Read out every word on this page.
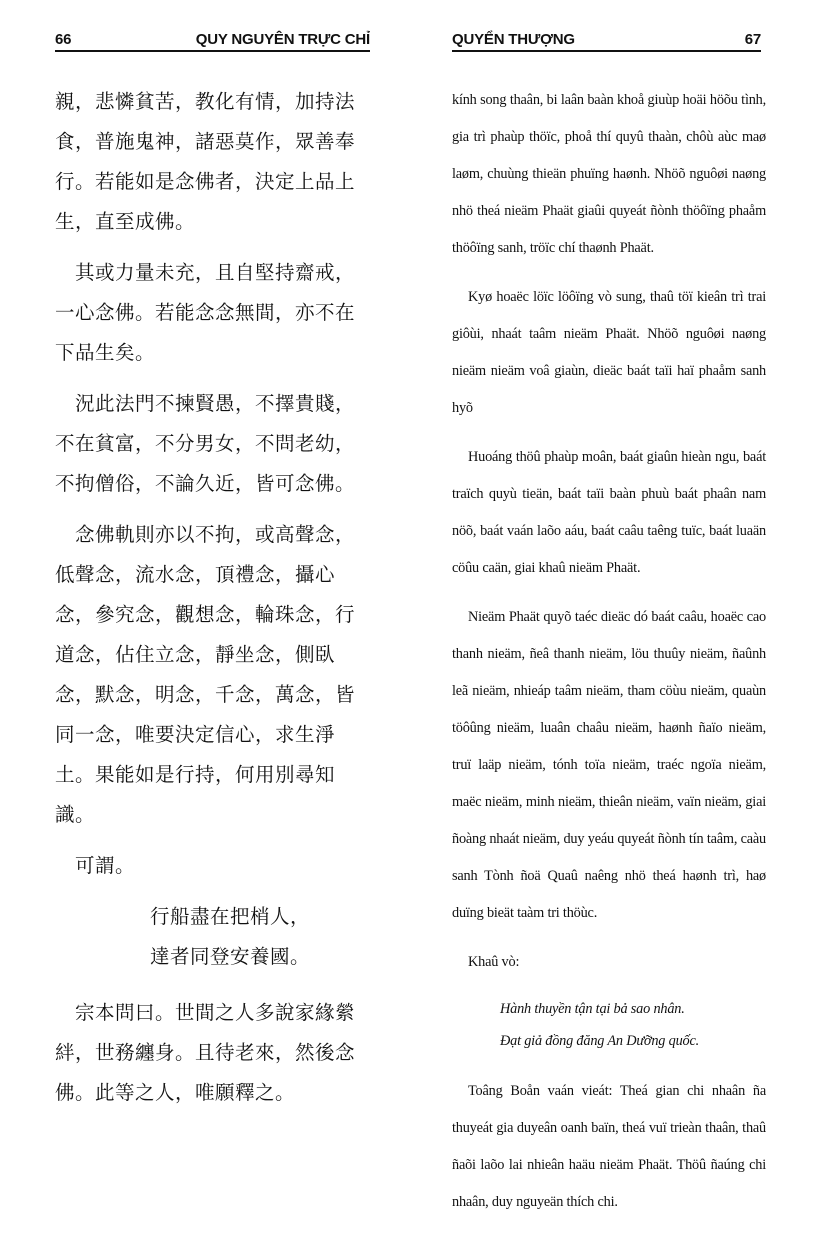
66	QUY NGUYÊN TRỰC CHỈ

親，悲憐貧苦，教化有情，加持法食，普施鬼神，諸惡莫作，眾善奉行。若能如是念佛者，決定上品上生，直至成佛。

其或力量未充，且自堅持齋戒，一心念佛。若能念念無間，亦不在下品生矣。

況此法門不揀賢愚，不擇貴賤，不在貧富，不分男女，不問老幼，不拘僧俗，不論久近，皆可念佛。

念佛軌則亦以不拘，或高聲念，低聲念，流水念，頂禮念，攝心念，參究念，觀想念，輪珠念，行道念，佔住立念，靜坐念，側臥念，默念，明念，千念，萬念，皆同一念，唯要決定信心，求生淨土。果能如是行持，何用別尋知識。

可謂。

行船盡在把梢人，
達者同登安養國。

宗本問曰。世間之人多說家緣縈絆，世務纏身。且待老來，然後念佛。此等之人，唯願釋之。

QUYỂN THƯỢNG	67

kính song thaân, bi laân baàn khoå giuùp hoäi höõu tình, gia trì phaùp thöïc, phoå thí quyû thaàn, chôù aùc maø laøm, chuùng thieän phuïng haønh. Nhöõ nguôøi naøng nhö theá nieäm Phaät giaûi quyeát ñònh thöôïng phaåm thöôïng sanh, tröïc chí thaønh Phaät.

Kyø hoaëc löïc löôïng vò sung, thaû töï kieân trì trai giôùi, nhaát taâm nieäm Phaät. Nhöõ nguôøi naøng nieäm nieäm voâ giaùn, dieäc baát taïi haï phaåm sanh hyõ

Huoáng thöû phaùp moân, baát giaûn hieàn ngu, baát traïch quyù tieän, baát taïi baàn phuù baát phaân nam nöõ, baát vaán laõo aáu, baát caâu taêng tuïc, baát luaän cöûu caän, giai khaû nieäm Phaät.

Nieäm Phaät quyõ taéc dieäc dó baát caâu, hoaëc cao thanh nieäm, ñeâ thanh nieäm, löu thuûy nieäm, ñaûnh leã nieäm, nhieáp taâm nieäm, tham cöùu nieäm, quaùn töôûng nieäm, luaân chaâu nieäm, haønh ñaïo nieäm, truï laäp nieäm, tónh toïa nieäm, traéc ngoïa nieäm, maëc nieäm, minh nieäm, thieân nieäm, vaïn nieäm, giai ñoàng nhaát nieäm, duy yeáu quyeát ñònh tín taâm, caàu sanh Tònh ñoä Quaû naêng nhö theá haønh trì, haø duïng bieät taàm tri thöùc.

Khaû vò:

Hành thuyền tận tại bả sao nhân.
Đạt giả đồng đăng An Dưỡng quốc.

Toâng Boån vaán vieát: Theá gian chi nhaân ña thuyeát gia duyeân oanh baïn, theá vuï trieàn thaân, thaû ñaõi laõo lai nhieân haäu nieäm Phaät. Thöû ñaúng chi nhaân, duy nguyeän thích chi.
